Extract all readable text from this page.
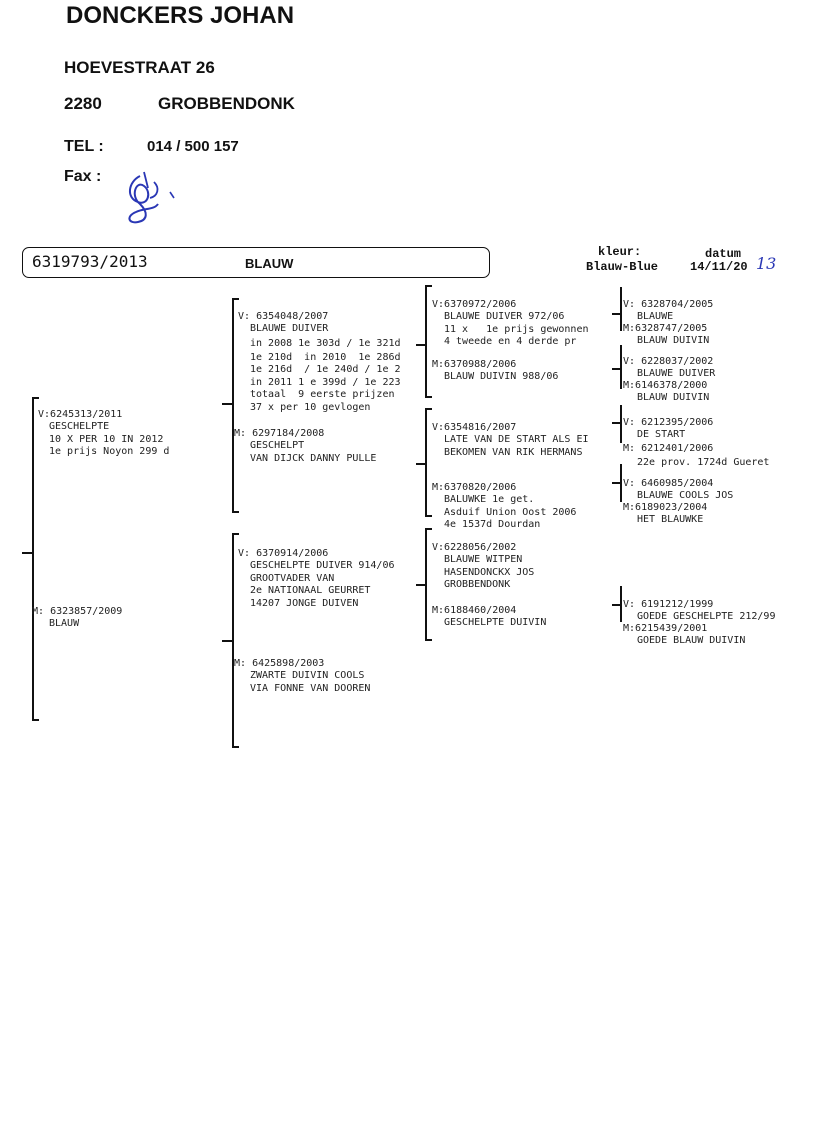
DONCKERS JOHAN
HOEVESTRAAT 26
2280	GROBBENDONK
TEL :	014 / 500 157
Fax :
6319793/2013	BLAUW
kleur:
Blauw-Blue
datum
14/11/20 13

V:6245313/2011
GESCHELPTE
10 X PER 10 IN 2012
1e prijs Noyon 299 d

M: 6323857/2009
BLAUW

V: 6354048/2007
BLAUWE DUIVER
in 2008 1e 303d / 1e 321d
1e 210d  in 2010  1e 286d
1e 216d  / 1e 240d / 1e 2
in 2011 1 e 399d / 1e 223
totaal  9 eerste prijzen
37 x per 10 gevlogen

M: 6297184/2008
GESCHELPT
VAN DIJCK DANNY PULLE

V: 6370914/2006
GESCHELPTE DUIVER 914/06
GROOTVADER VAN
2e NATIONAAL GEURRET
14207 JONGE DUIVEN

M: 6425898/2003
ZWARTE DUIVIN COOLS
VIA FONNE VAN DOOREN

V:6370972/2006
BLAUWE DUIVER 972/06
11 x   1e prijs gewonnen
4 tweede en 4 derde pr

M:6370988/2006
BLAUW DUIVIN 988/06

V:6354816/2007
LATE VAN DE START ALS EI
BEKOMEN VAN RIK HERMANS

M:6370820/2006
BALUWKE 1e get.
Asduif Union Oost 2006
4e 1537d Dourdan

V:6228056/2002
BLAUWE WITPEN
HASENDONCKX JOS
GROBBENDONK

M:6188460/2004
GESCHELPTE DUIVIN

V: 6328704/2005
BLAUWE

M:6328747/2005
BLAUW DUIVIN

V: 6228037/2002
BLAUWE DUIVER

M:6146378/2000
BLAUW DUIVIN

V: 6212395/2006
DE START

M: 6212401/2006
22e prov. 1724d Gueret

V: 6460985/2004
BLAUWE COOLS JOS

M:6189023/2004
HET BLAUWKE

V: 6191212/1999
GOEDE GESCHELPTE 212/99

M:6215439/2001
GOEDE BLAUW DUIVIN
